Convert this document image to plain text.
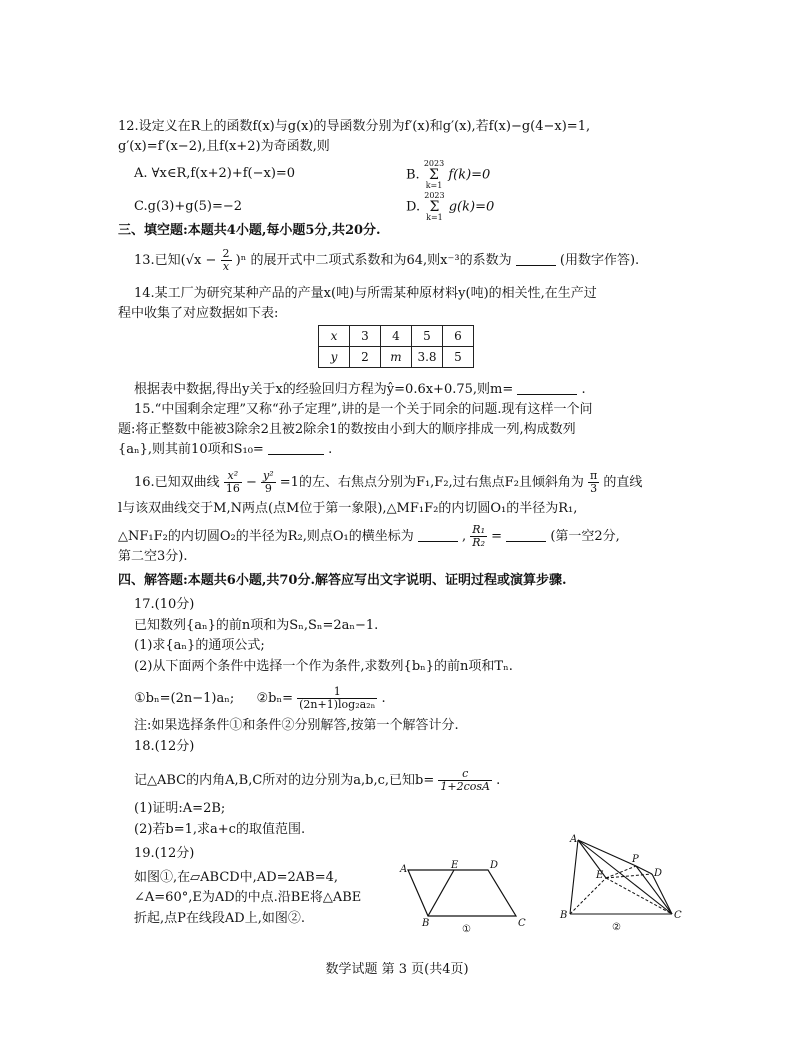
12.设定义在R上的函数f(x)与g(x)的导函数分别为f′(x)和g′(x),若f(x)−g(4−x)=1,
g′(x)=f′(x−2),且f(x+2)为奇函数,则
A. ∀x∈R,f(x+2)+f(−x)=0	B. 2023
Σ
k=1 f(k)=0
C.g(3)+g(5)=−2	D. 2023
Σ
k=1 g(k)=0
三、填空题:本题共4小题,每小题5分,共20分.
13.已知$(√x - \frac{2}{x} )^n$ 的展开式中二项式系数和为64,则x⁻³的系数为	(用数字作答).
14.某工厂为研究某种产品的产量x(吨)与所需某种原材料y(吨)的相关性,在生产过
程中收集了对应数据如下表:
x	3	4	5	6
y	2	m	3.8	5
根据表中数据,得出y关于x的经验回归方程为ŷ=0.6x+0.75,则m=	.
15.“中国剩余定理”又称“孙子定理”,讲的是一个关于同余的问题.现有这样一个问
题:将正整数中能被3除余2且被2除余1的数按由小到大的顺序排成一列,构成数列
{aₙ},则其前10项和S₁₀=	.
16.已知双曲线 $\frac{\text{x²}}{16} - \frac{\text{y²}}{9} =1$的左、右焦点分别为F₁,F₂,过右焦点F₂且倾斜角为 $\frac{\pi}{3}$ 的直线
l与该双曲线交于M,N两点(点M位于第一象限),△MF₁F₂的内切圆O₁的半径为R₁,
△NF₁F₂的内切圆O₂的半径为R₂,则点O₁的横坐标为	, $\frac{\text{R₁}}{\text{R₂}}$ =	(第一空2分,
第二空3分).
四、解答题:本题共6小题,共70分.解答应写出文字说明、证明过程或演算步骤.
17.(10分)
已知数列{aₙ}的前n项和为Sₙ,Sₙ=2aₙ−1.
(1)求{aₙ}的通项公式;
(2)从下面两个条件中选择一个作为条件,求数列{bₙ}的前n项和Tₙ.
①bₙ=(2n−1)aₙ; ②bₙ= $\frac{1}{\text{(2n+1)log₂a₂ₙ}}$ .
注:如果选择条件①和条件②分别解答,按第一个解答计分.
18.(12分)
记△ABC的内角A,B,C所对的边分别为a,b,c,已知$b= \frac{c}{1+2\cos A}$ .
(1)证明:A=2B;
(2)若b=1,求a+c的取值范围.
19.(12分)
如图①,在▱ABCD中,AD=2AB=4,
∠A=60°,E为AD的中点.沿BE将△ABE
折起,点P在线段AD上,如图②.
A	E	D
B	C
①
A
P
E	D
B	C
②
数学试题 第 3 页(共4页)
